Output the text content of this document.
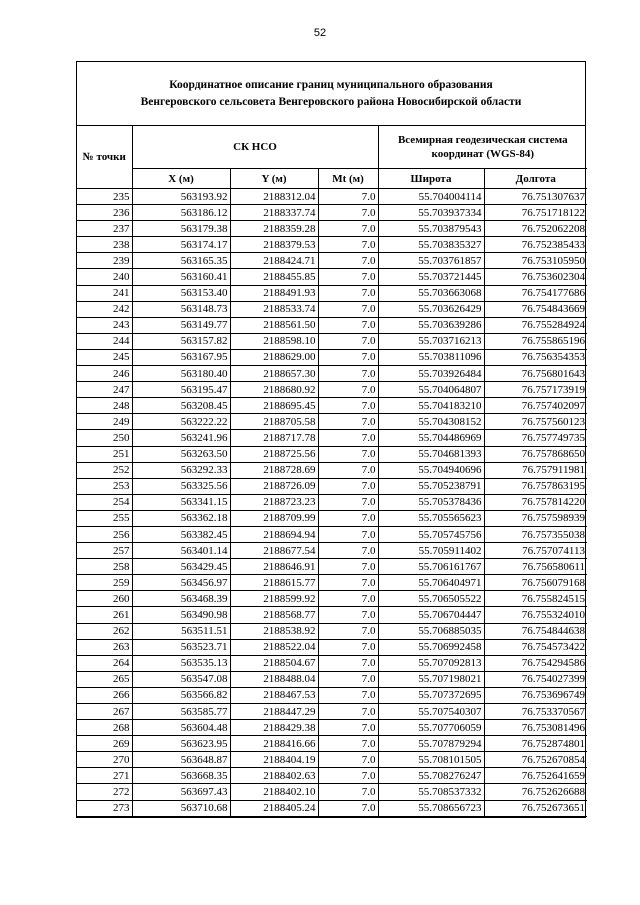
52
Координатное описание границ муниципального образования
Венгеровского сельсовета Венгеровского района Новосибирской области
№ точки	СК НСО			Всемирная геодезическая система координат (WGS-84)	
	X (м)	Y (м)	Mt (м)	Широта	Долгота
235	563193.92	2188312.04	7.0	55.704004114	76.751307637
236	563186.12	2188337.74	7.0	55.703937334	76.751718122
237	563179.38	2188359.28	7.0	55.703879543	76.752062208
238	563174.17	2188379.53	7.0	55.703835327	76.752385433
239	563165.35	2188424.71	7.0	55.703761857	76.753105950
240	563160.41	2188455.85	7.0	55.703721445	76.753602304
241	563153.40	2188491.93	7.0	55.703663068	76.754177686
242	563148.73	2188533.74	7.0	55.703626429	76.754843669
243	563149.77	2188561.50	7.0	55.703639286	76.755284924
244	563157.82	2188598.10	7.0	55.703716213	76.755865196
245	563167.95	2188629.00	7.0	55.703811096	76.756354353
246	563180.40	2188657.30	7.0	55.703926484	76.756801643
247	563195.47	2188680.92	7.0	55.704064807	76.757173919
248	563208.45	2188695.45	7.0	55.704183210	76.757402097
249	563222.22	2188705.58	7.0	55.704308152	76.757560123
250	563241.96	2188717.78	7.0	55.704486969	76.757749735
251	563263.50	2188725.56	7.0	55.704681393	76.757868650
252	563292.33	2188728.69	7.0	55.704940696	76.757911981
253	563325.56	2188726.09	7.0	55.705238791	76.757863195
254	563341.15	2188723.23	7.0	55.705378436	76.757814220
255	563362.18	2188709.99	7.0	55.705565623	76.757598939
256	563382.45	2188694.94	7.0	55.705745756	76.757355038
257	563401.14	2188677.54	7.0	55.705911402	76.757074113
258	563429.45	2188646.91	7.0	55.706161767	76.756580611
259	563456.97	2188615.77	7.0	55.706404971	76.756079168
260	563468.39	2188599.92	7.0	55.706505522	76.755824515
261	563490.98	2188568.77	7.0	55.706704447	76.755324010
262	563511.51	2188538.92	7.0	55.706885035	76.754844638
263	563523.71	2188522.04	7.0	55.706992458	76.754573422
264	563535.13	2188504.67	7.0	55.707092813	76.754294586
265	563547.08	2188488.04	7.0	55.707198021	76.754027399
266	563566.82	2188467.53	7.0	55.707372695	76.753696749
267	563585.77	2188447.29	7.0	55.707540307	76.753370567
268	563604.48	2188429.38	7.0	55.707706059	76.753081496
269	563623.95	2188416.66	7.0	55.707879294	76.752874801
270	563648.87	2188404.19	7.0	55.708101505	76.752670854
271	563668.35	2188402.63	7.0	55.708276247	76.752641659
272	563697.43	2188402.10	7.0	55.708537332	76.752626688
273	563710.68	2188405.24	7.0	55.708656723	76.752673651
